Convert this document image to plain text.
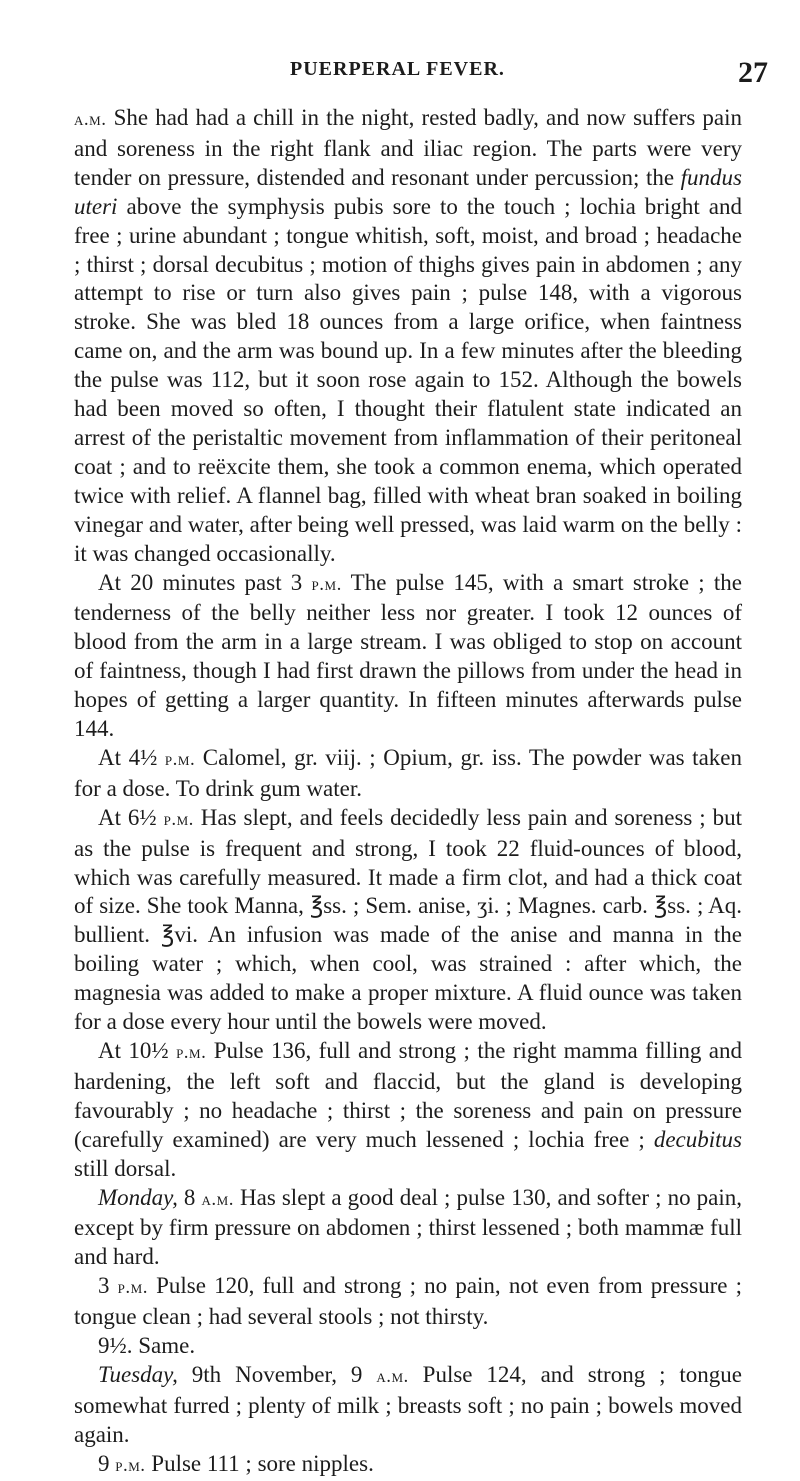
PUERPERAL FEVER.	27

a.m. She had had a chill in the night, rested badly, and now suffers pain and soreness in the right flank and iliac region. The parts were very tender on pressure, distended and resonant under percussion; the fundus uteri above the symphysis pubis sore to the touch ; lochia bright and free ; urine abundant ; tongue whitish, soft, moist, and broad ; headache ; thirst ; dorsal decubitus ; motion of thighs gives pain in abdomen ; any attempt to rise or turn also gives pain ; pulse 148, with a vigorous stroke. She was bled 18 ounces from a large orifice, when faintness came on, and the arm was bound up. In a few minutes after the bleeding the pulse was 112, but it soon rose again to 152. Although the bowels had been moved so often, I thought their flatulent state indicated an arrest of the peristaltic movement from inflammation of their peritoneal coat ; and to reëxcite them, she took a common enema, which operated twice with relief. A flannel bag, filled with wheat bran soaked in boiling vinegar and water, after being well pressed, was laid warm on the belly : it was changed occasionally.

At 20 minutes past 3 p.m. The pulse 145, with a smart stroke ; the tenderness of the belly neither less nor greater. I took 12 ounces of blood from the arm in a large stream. I was obliged to stop on account of faintness, though I had first drawn the pillows from under the head in hopes of getting a larger quantity. In fifteen minutes afterwards pulse 144.

At 4½ p.m. Calomel, gr. viij. ; Opium, gr. iss. The powder was taken for a dose. To drink gum water.

At 6½ p.m. Has slept, and feels decidedly less pain and soreness ; but as the pulse is frequent and strong, I took 22 fluid-ounces of blood, which was carefully measured. It made a firm clot, and had a thick coat of size. She took Manna, ℥ss. ; Sem. anise, ʒi. ; Magnes. carb. ℥ss. ; Aq. bullient. ℥vi. An infusion was made of the anise and manna in the boiling water ; which, when cool, was strained : after which, the magnesia was added to make a proper mixture. A fluid ounce was taken for a dose every hour until the bowels were moved.

At 10½ p.m. Pulse 136, full and strong ; the right mamma filling and hardening, the left soft and flaccid, but the gland is developing favourably ; no headache ; thirst ; the soreness and pain on pressure (carefully examined) are very much lessened ; lochia free ; decubitus still dorsal.

Monday, 8 a.m. Has slept a good deal ; pulse 130, and softer ; no pain, except by firm pressure on abdomen ; thirst lessened ; both mammæ full and hard.

3 p.m. Pulse 120, full and strong ; no pain, not even from pressure ; tongue clean ; had several stools ; not thirsty.

9½. Same.

Tuesday, 9th November, 9 a.m. Pulse 124, and strong ; tongue somewhat furred ; plenty of milk ; breasts soft ; no pain ; bowels moved again.

9 p.m. Pulse 111 ; sore nipples.
